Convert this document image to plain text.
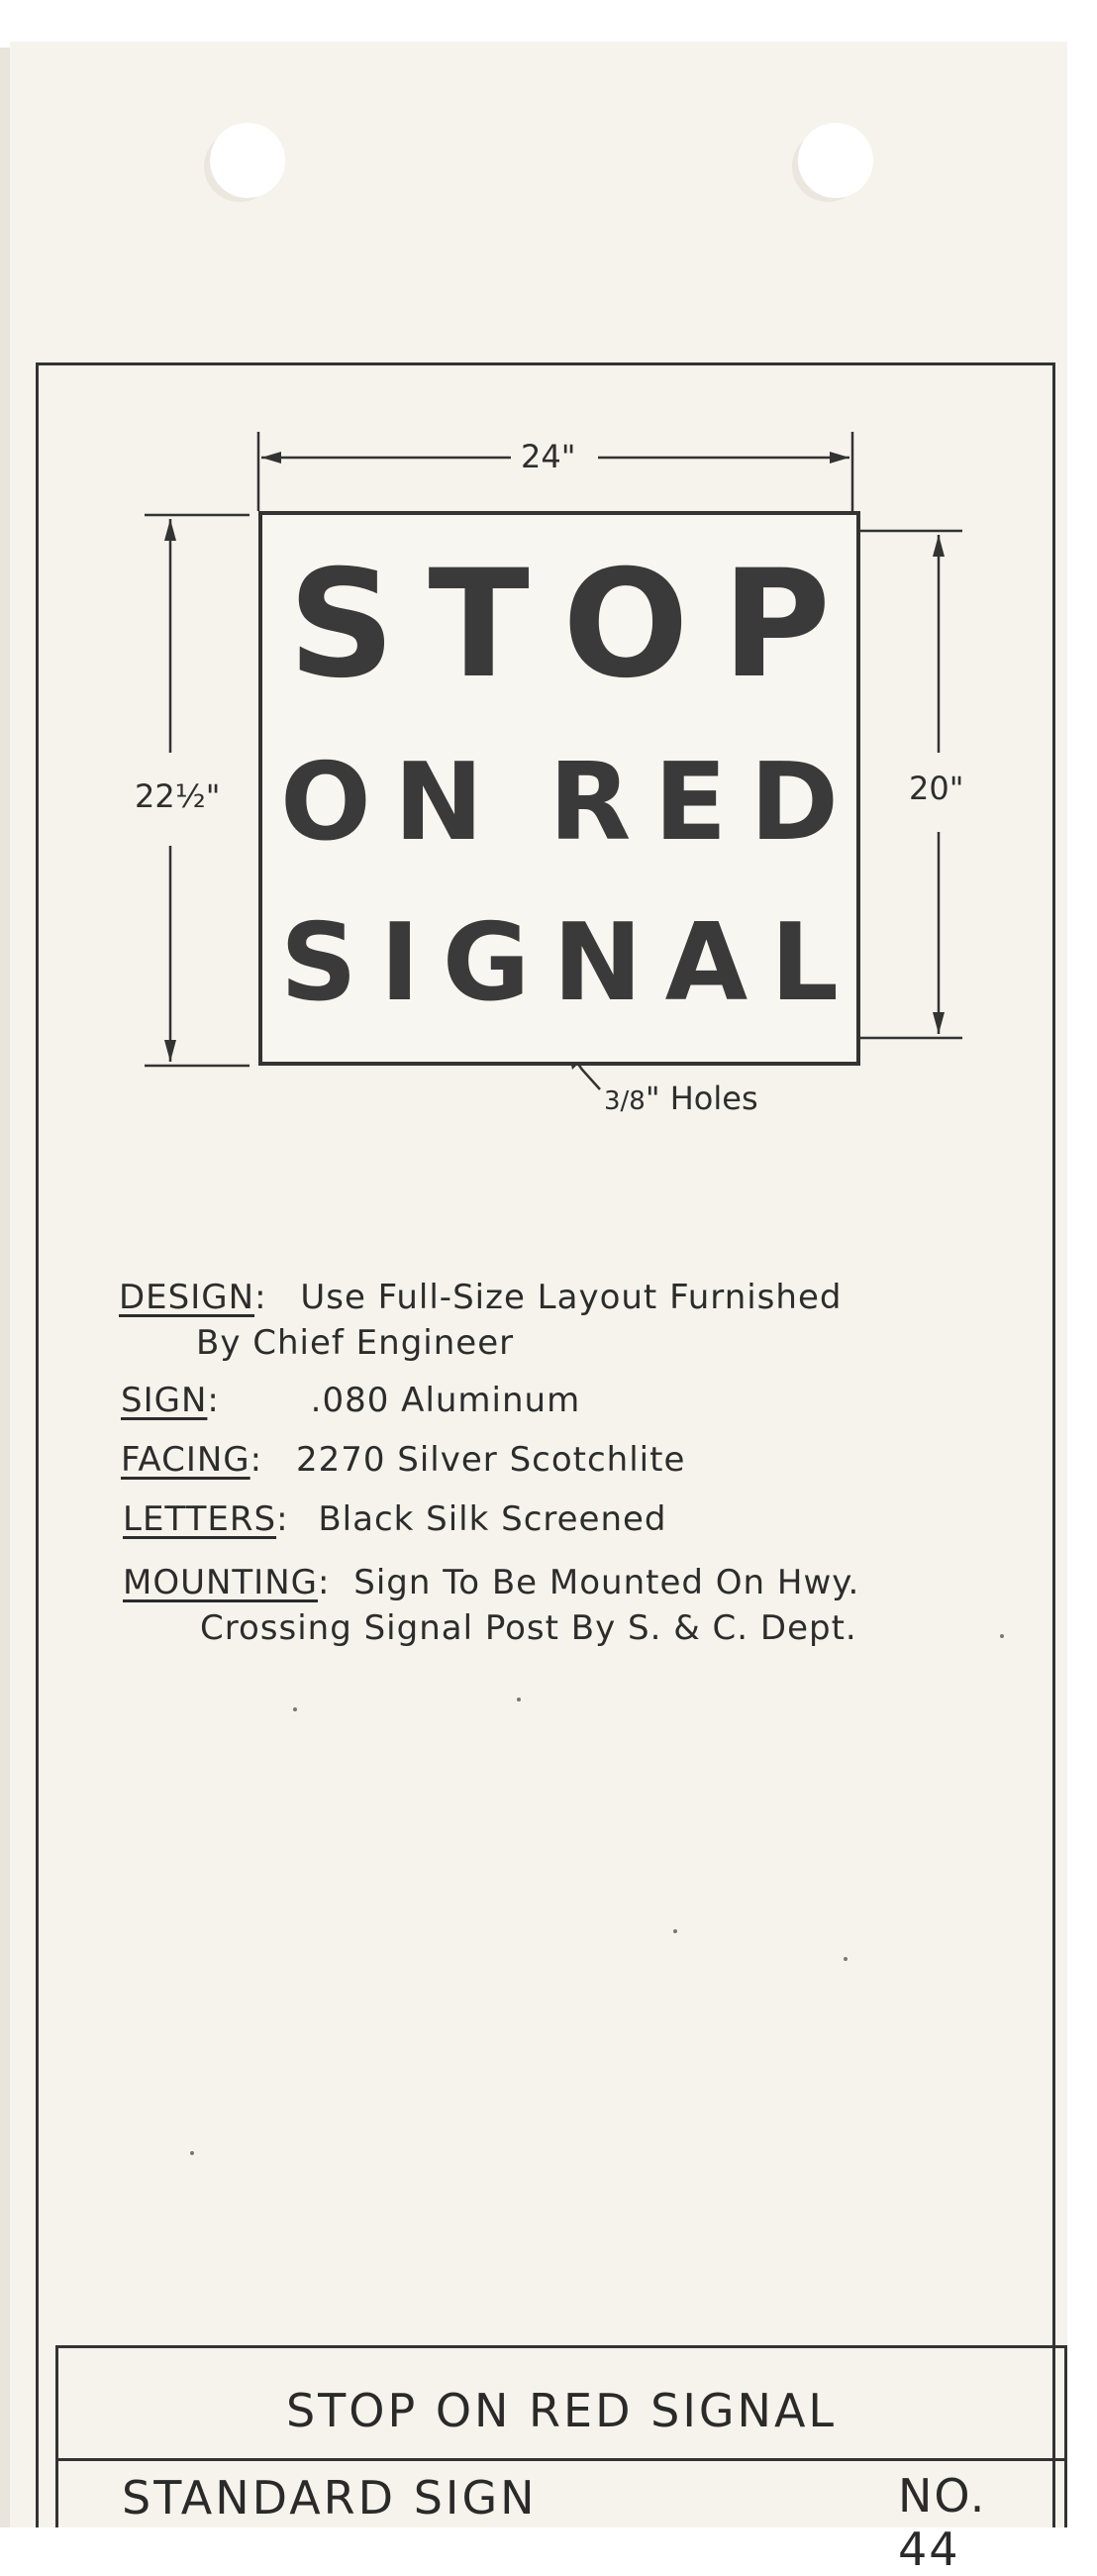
S T O P
O N R E D
S I G N A L
24"
22½"	20"
3/8" Holes
DESIGN: Use Full-Size Layout Furnished
By Chief Engineer
SIGN:	.080 Aluminum
FACING: 2270 Silver Scotchlite
LETTERS: Black Silk Screened
MOUNTING: Sign To Be Mounted On Hwy.
Crossing Signal Post By S. & C. Dept.
STOP ON RED SIGNAL
STANDARD SIGN	NO. 44
